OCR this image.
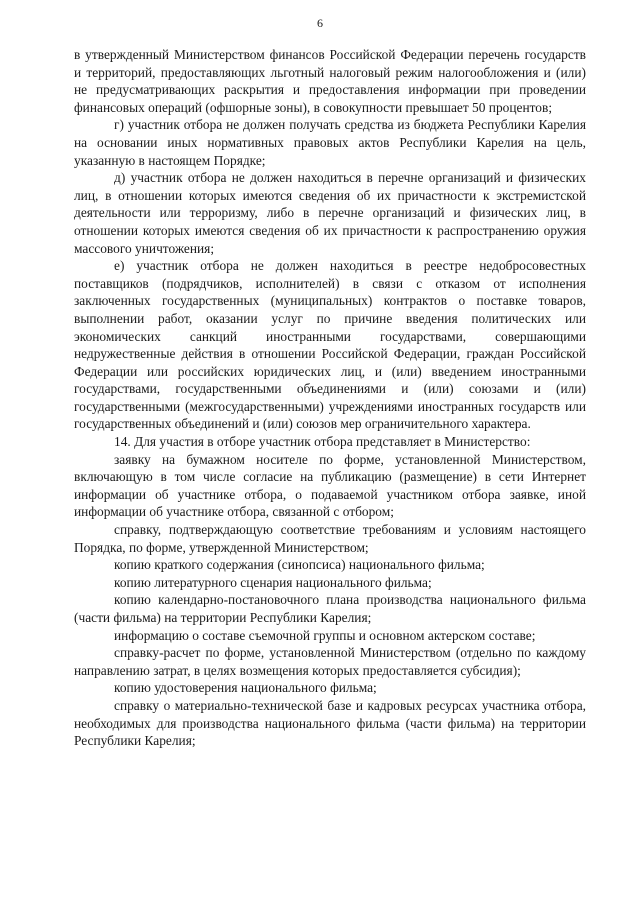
6

в утвержденный Министерством финансов Российской Федерации перечень государств и территорий, предоставляющих льготный налоговый режим налогообложения и (или) не предусматривающих раскрытия и предоставления информации при проведении финансовых операций (офшорные зоны), в совокупности превышает 50 процентов;

г) участник отбора не должен получать средства из бюджета Республики Карелия на основании иных нормативных правовых актов Республики Карелия на цель, указанную в настоящем Порядке;

д) участник отбора не должен находиться в перечне организаций и физических лиц, в отношении которых имеются сведения об их причастности к экстремистской деятельности или терроризму, либо в перечне организаций и физических лиц, в отношении которых имеются сведения об их причастности к распространению оружия массового уничтожения;

е) участник отбора не должен находиться в реестре недобросовестных поставщиков (подрядчиков, исполнителей) в связи с отказом от исполнения заключенных государственных (муниципальных) контрактов о поставке товаров, выполнении работ, оказании услуг по причине введения политических или экономических санкций иностранными государствами, совершающими недружественные действия в отношении Российской Федерации, граждан Российской Федерации или российских юридических лиц, и (или) введением иностранными государствами, государственными объединениями и (или) союзами и (или) государственными (межгосударственными) учреждениями иностранных государств или государственных объединений и (или) союзов мер ограничительного характера.

14. Для участия в отборе участник отбора представляет в Министерство:

заявку на бумажном носителе по форме, установленной Министерством, включающую в том числе согласие на публикацию (размещение) в сети Интернет информации об участнике отбора, о подаваемой участником отбора заявке, иной информации об участнике отбора, связанной с отбором;

справку, подтверждающую соответствие требованиям и условиям настоящего Порядка, по форме, утвержденной Министерством;

копию краткого содержания (синопсиса) национального фильма;

копию литературного сценария национального фильма;

копию календарно-постановочного плана производства национального фильма (части фильма) на территории Республики Карелия;

информацию о составе съемочной группы и основном актерском составе;

справку-расчет по форме, установленной Министерством (отдельно по каждому направлению затрат, в целях возмещения которых предоставляется субсидия);

копию удостоверения национального фильма;

справку о материально-технической базе и кадровых ресурсах участника отбора, необходимых для производства национального фильма (части фильма) на территории Республики Карелия;
